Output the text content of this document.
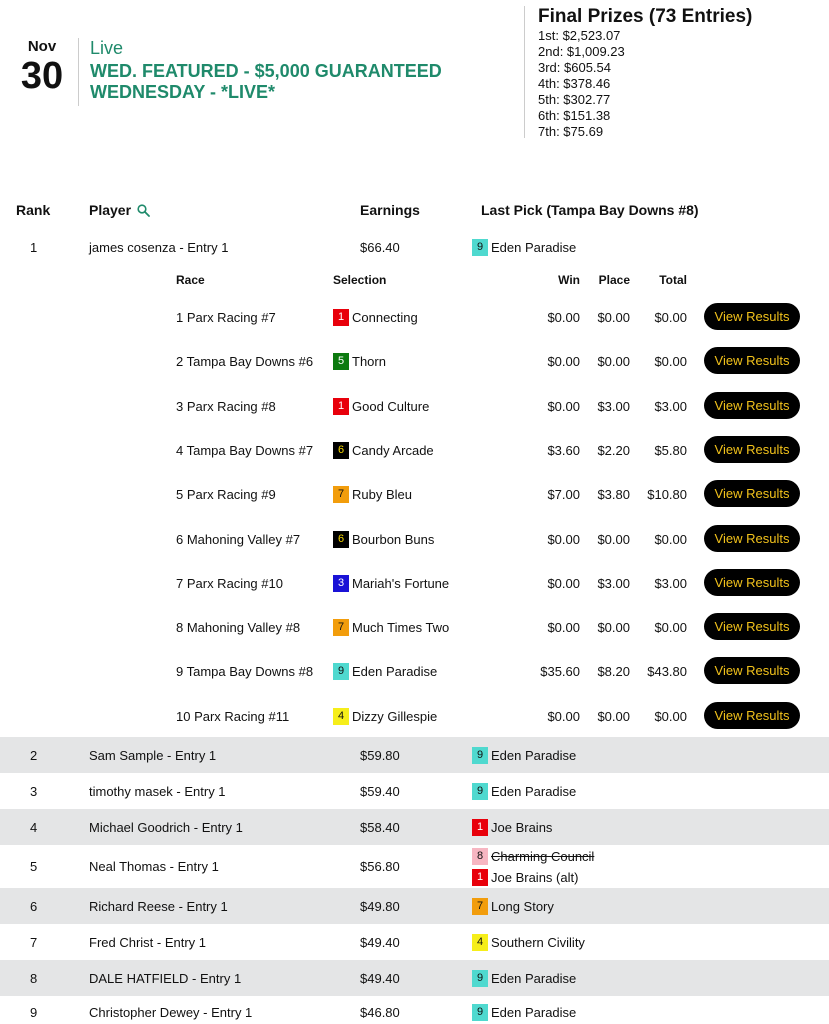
Nov
30
Live
WED. FEATURED - $5,000 GUARANTEED WEDNESDAY - *LIVE*
Final Prizes (73 Entries)
1st: $2,523.07
2nd: $1,009.23
3rd: $605.54
4th: $378.46
5th: $302.77
6th: $151.38
7th: $75.69
Rank	Player	Earnings	Last Pick (Tampa Bay Downs #8)
1	james cosenza - Entry 1	$66.40	9 Eden Paradise
2	Sam Sample - Entry 1	$59.80	9 Eden Paradise
3	timothy masek - Entry 1	$59.40	9 Eden Paradise
4	Michael Goodrich - Entry 1	$58.40	1 Joe Brains
5	Neal Thomas - Entry 1	$56.80
8 Charming Council
1 Joe Brains (alt)
6	Richard Reese - Entry 1	$49.80	7 Long Story
7	Fred Christ - Entry 1	$49.40	4 Southern Civility
8	DALE HATFIELD - Entry 1	$49.40	9 Eden Paradise
9	Christopher Dewey - Entry 1	$46.80	9 Eden Paradise
Race	Selection	Win Place Total
1 Parx Racing #7	1 Connecting	$0.00 $0.00 $0.00	View Results
2 Tampa Bay Downs #6	5 Thorn	$0.00 $0.00 $0.00	View Results
3 Parx Racing #8	1 Good Culture	$0.00 $3.00 $3.00	View Results
4 Tampa Bay Downs #7	6 Candy Arcade	$3.60 $2.20 $5.80	View Results
5 Parx Racing #9	7 Ruby Bleu	$7.00 $3.80 $10.80	View Results
6 Mahoning Valley #7	6 Bourbon Buns	$0.00 $0.00 $0.00	View Results
7 Parx Racing #10	3 Mariah's Fortune	$0.00 $3.00 $3.00	View Results
8 Mahoning Valley #8	7 Much Times Two	$0.00 $0.00 $0.00	View Results
9 Tampa Bay Downs #8	9 Eden Paradise	$35.60 $8.20 $43.80	View Results
10 Parx Racing #11	4 Dizzy Gillespie	$0.00 $0.00 $0.00	View Results
